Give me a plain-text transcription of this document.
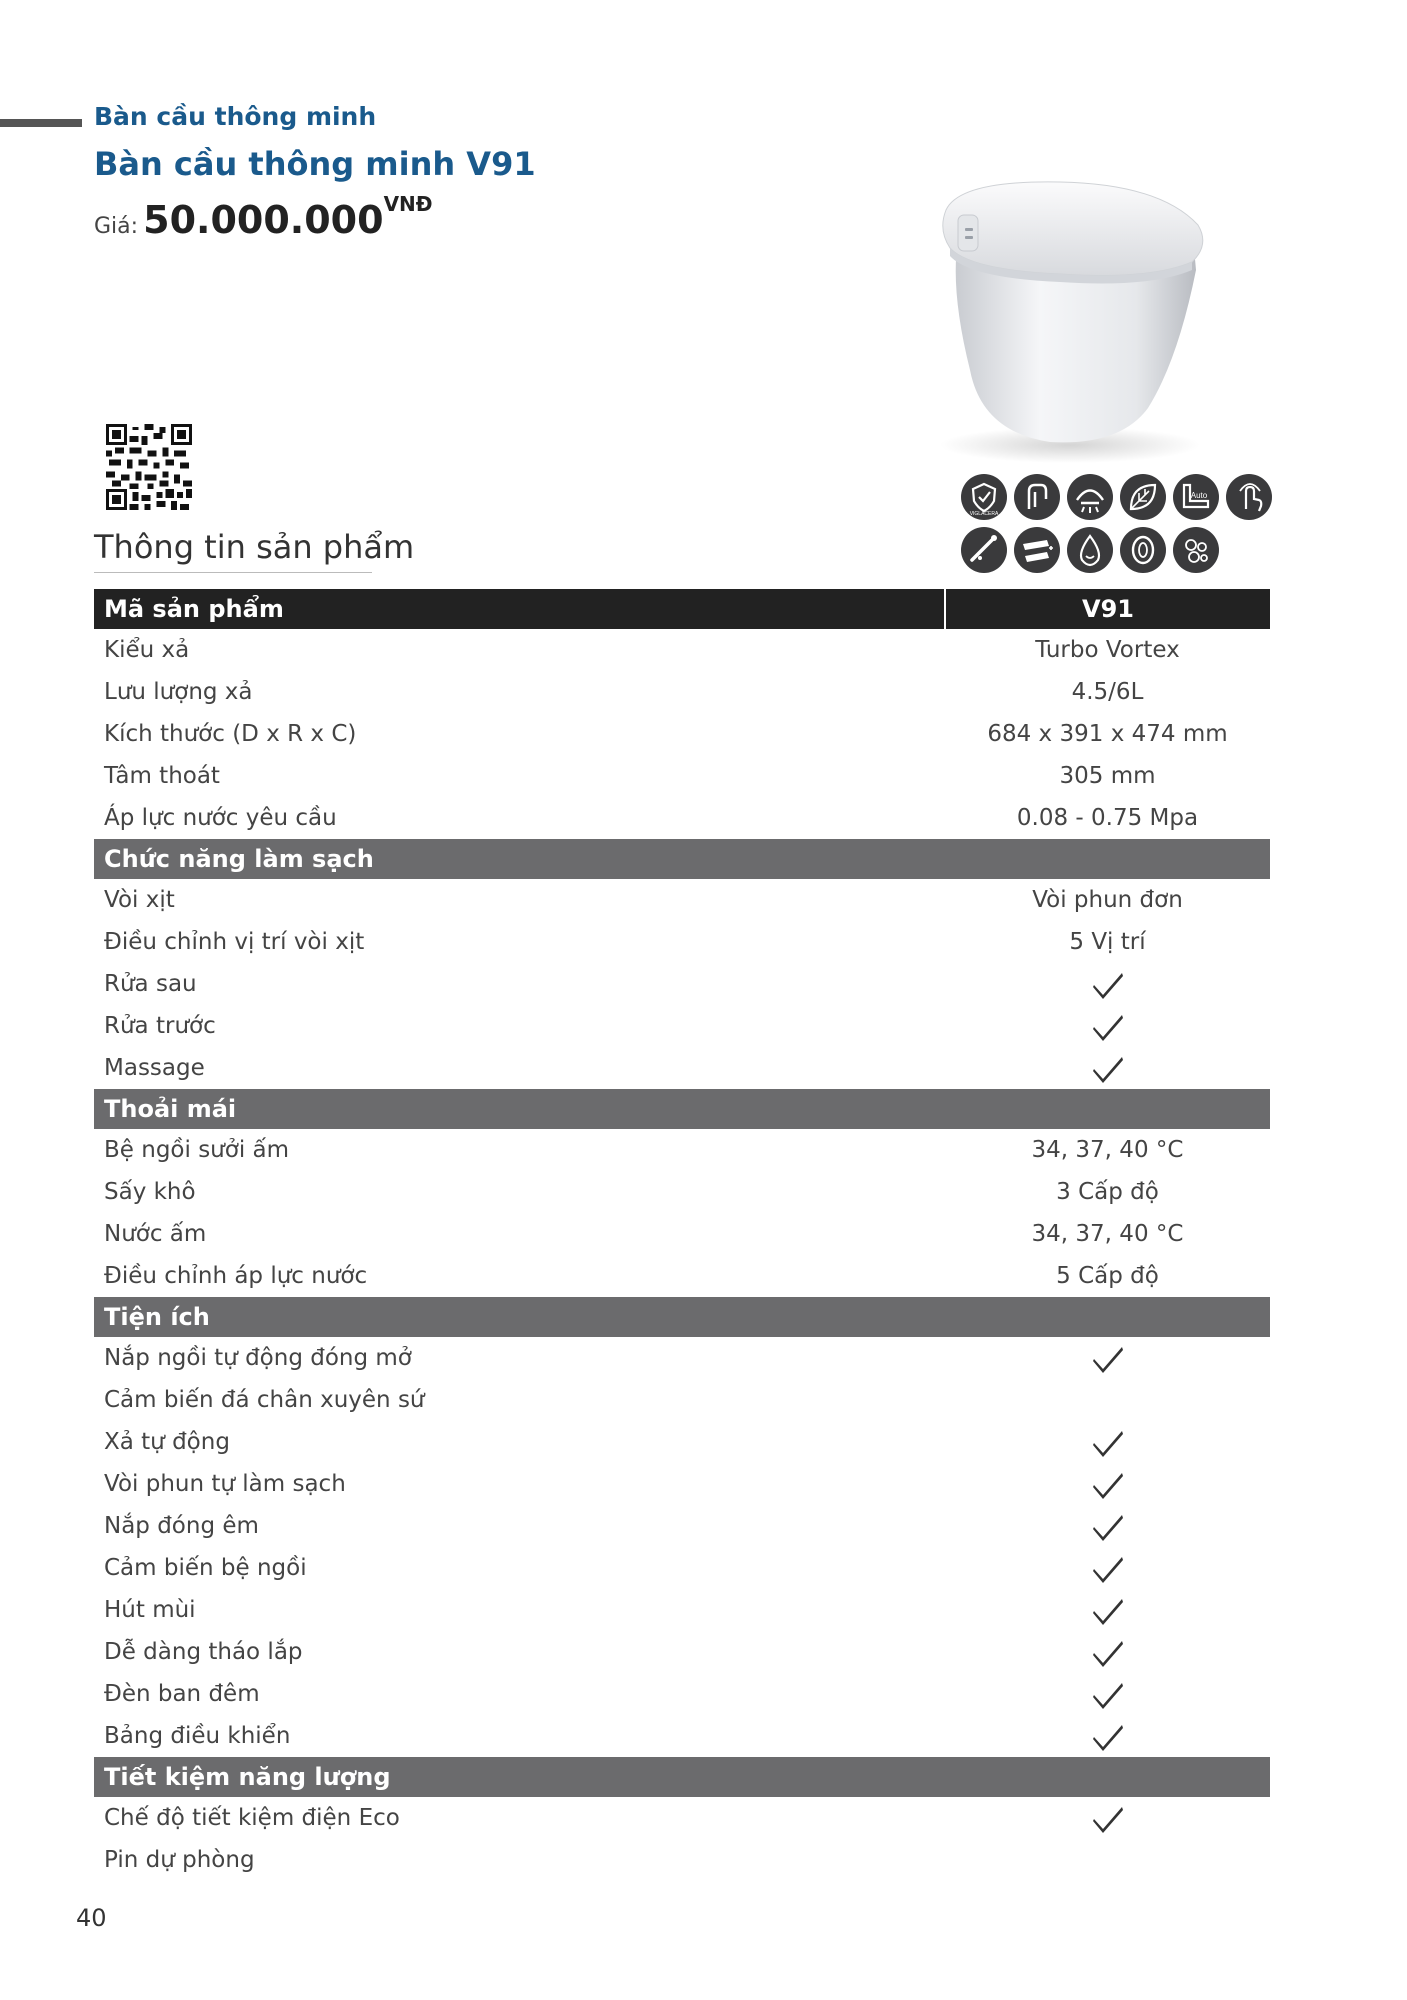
Bàn cầu thông minh
Bàn cầu thông minh V91
Giá: 50.000.000VNĐ
Thông tin sản phẩm
VIGLACERA
Auto
Mã sản phẩm	V91
Kiểu xả	Turbo Vortex
Lưu lượng xả	4.5/6L
Kích thước (D x R x C)	684 x 391 x 474 mm
Tâm thoát	305 mm
Áp lực nước yêu cầu	0.08 - 0.75 Mpa
Chức năng làm sạch	
Vòi xịt	Vòi phun đơn
Điều chỉnh vị trí vòi xịt	5 Vị trí
Rửa sau	
Rửa trước	
Massage	
Thoải mái	
Bệ ngồi sưởi ấm	34, 37, 40 °C
Sấy khô	3 Cấp độ
Nước ấm	34, 37, 40 °C
Điều chỉnh áp lực nước	5 Cấp độ
Tiện ích	
Nắp ngồi tự động đóng mở	
Cảm biến đá chân xuyên sứ	
Xả tự động	
Vòi phun tự làm sạch	
Nắp đóng êm	
Cảm biến bệ ngồi	
Hút mùi	
Dễ dàng tháo lắp	
Đèn ban đêm	
Bảng điều khiển	
Tiết kiệm năng lượng	
Chế độ tiết kiệm điện Eco	
Pin dự phòng	
40
